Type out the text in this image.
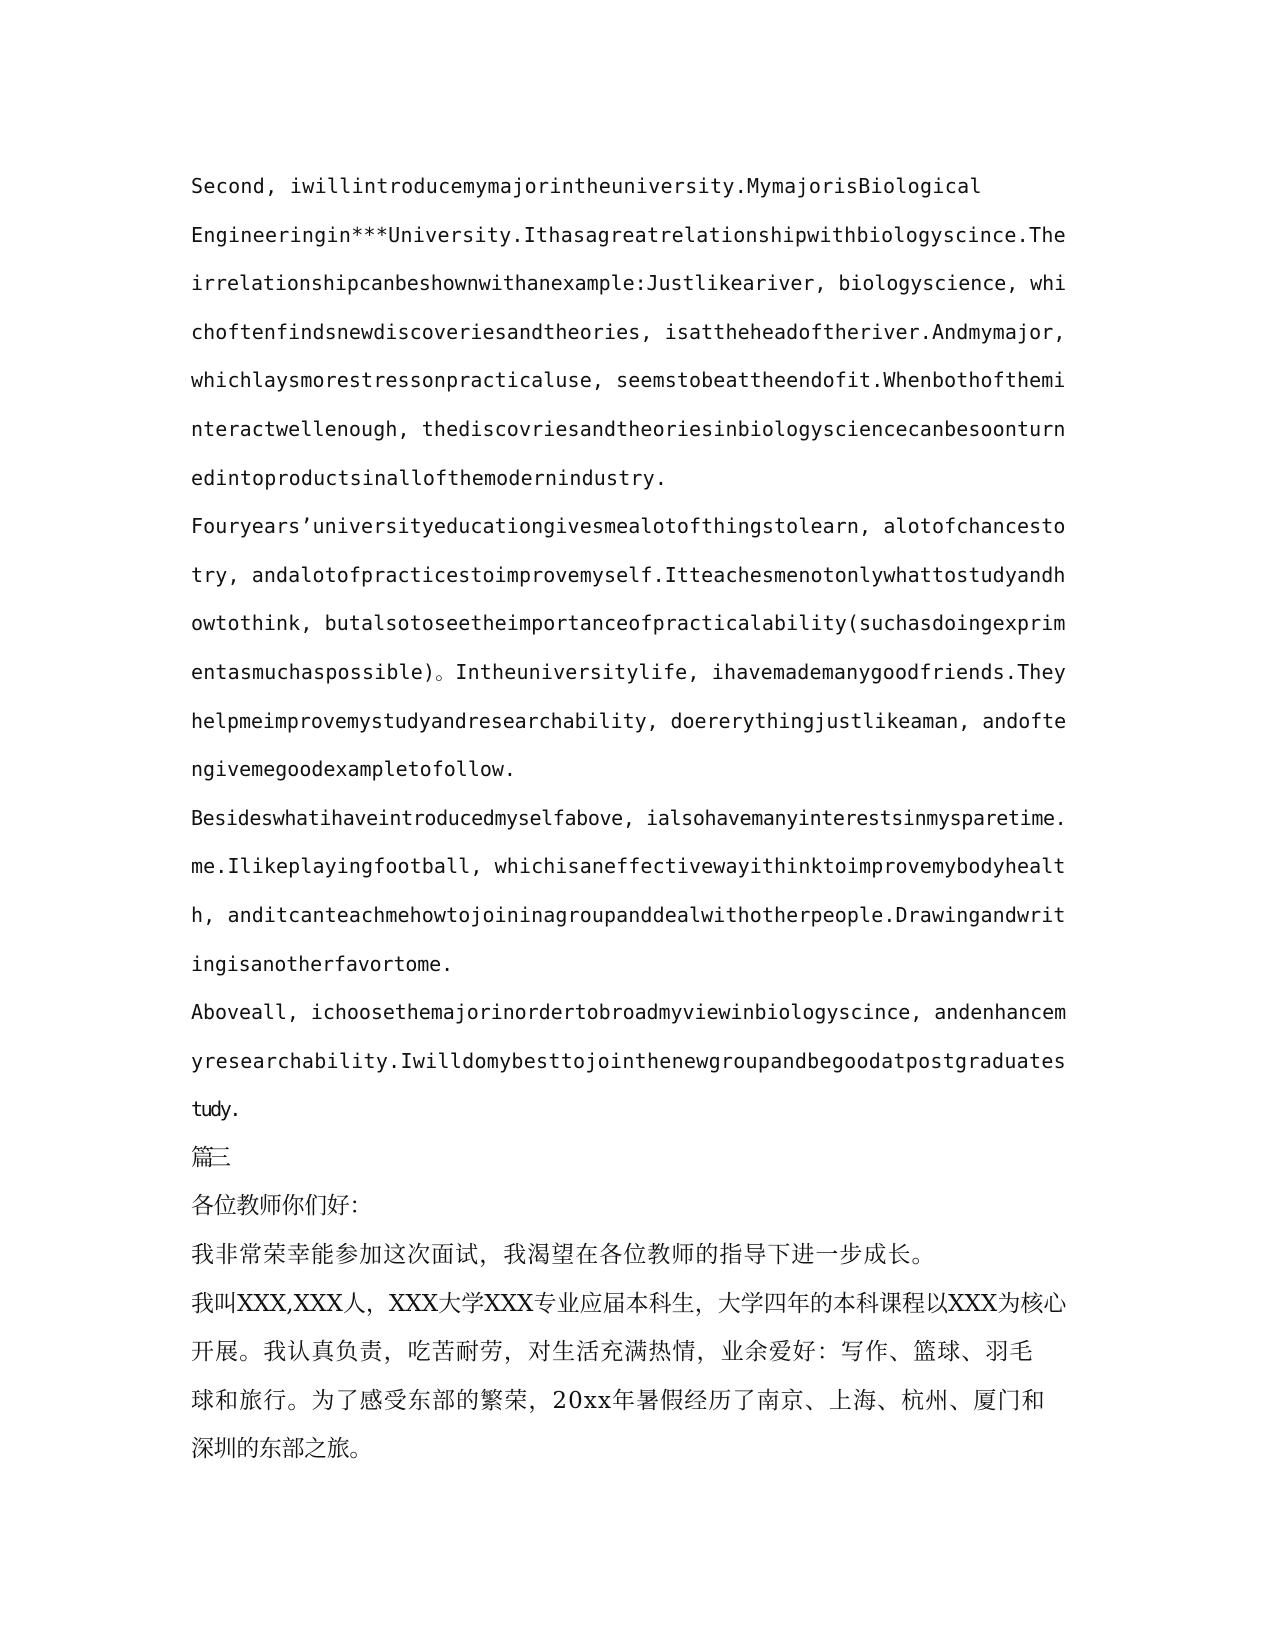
Second, iwillintroducemymajorintheuniversity.MymajorisBiological
Engineeringin***University.Ithasagreatrelationshipwithbiologyscince.The
irrelationshipcanbeshownwithanexample:Justlikeariver, biologyscience, whi
choftenfindsnewdiscoveriesandtheories, isattheheadoftheriver.Andmymajor,
whichlaysmorestressonpracticaluse, seemstobeattheendofit.Whenbothofthemi
nteractwellenough, thediscovriesandtheoriesinbiologysciencecanbesoonturn
edintoproductsinallofthemodernindustry.
Fouryears’universityeducationgivesmealotofthingstolearn, alotofchancesto
try, andalotofpracticestoimprovemyself.Itteachesmenotonlywhattostudyandh
owtothink, butalsotoseetheimportanceofpracticalability(suchasdoingexprim
entasmuchaspossible)。Intheuniversitylife, ihavemademanygoodfriends.They
helpmeimprovemystudyandresearchability, doererythingjustlikeaman, andofte
ngivemegoodexampletofollow.
Besideswhatihaveintroducedmyselfabove, ialsohavemanyinterestsinmysparetime.
me.Ilikeplayingfootball, whichisaneffectivewayithinktoimprovemybodyhealt
h, anditcanteachmehowtojoininagroupanddealwithotherpeople.Drawingandwrit
ingisanotherfavortome.
Aboveall, ichoosethemajorinordertobroadmyviewinbiologyscince, andenhancem
yresearchability.Iwilldomybesttojointhenewgroupandbegoodatpostgraduates
tudy.
篇三
各位教师你们好：
我非常荣幸能参加这次面试，我渴望在各位教师的指导下进一步成长。
我叫XXX,XXX人，XXX大学XXX专业应届本科生，大学四年的本科课程以XXX为核心
开展。我认真负责，吃苦耐劳，对生活充满热情，业余爱好：写作、篮球、羽毛
球和旅行。为了感受东部的繁荣，20xx年暑假经历了南京、上海、杭州、厦门和
深圳的东部之旅。
